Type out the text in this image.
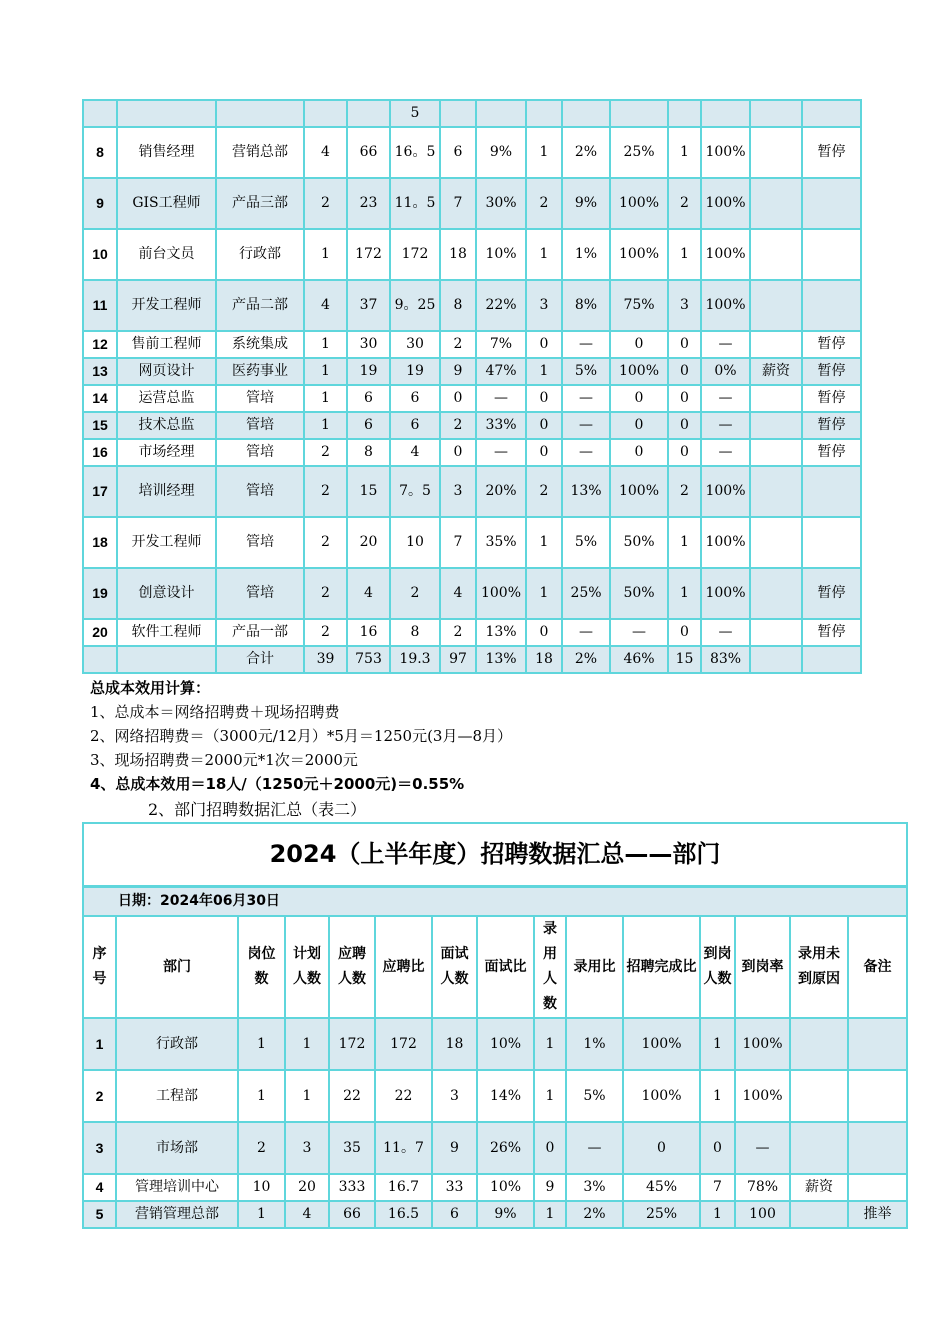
					5									
8	销售经理	营销总部	4	66	16。5	6	9%	1	2%	25%	1	100%		暂停
9	GIS工程师	产品三部	2	23	11。5	7	30%	2	9%	100%	2	100%		
10	前台文员	行政部	1	172	172	18	10%	1	1%	100%	1	100%		
11	开发工程师	产品二部	4	37	9。25	8	22%	3	8%	75%	3	100%		
12	售前工程师	系统集成	1	30	30	2	7%	0	—	0	0	—		暂停
13	网页设计	医药事业	1	19	19	9	47%	1	5%	100%	0	0%	薪资	暂停
14	运营总监	管培	1	6	6	0	—	0	—	0	0	—		暂停
15	技术总监	管培	1	6	6	2	33%	0	—	0	0	—		暂停
16	市场经理	管培	2	8	4	0	—	0	—	0	0	—		暂停
17	培训经理	管培	2	15	7。5	3	20%	2	13%	100%	2	100%		
18	开发工程师	管培	2	20	10	7	35%	1	5%	50%	1	100%		
19	创意设计	管培	2	4	2	4	100%	1	25%	50%	1	100%		暂停
20	软件工程师	产品一部	2	16	8	2	13%	0	—	—	0	—		暂停
		合计	39	753	19.3	97	13%	18	2%	46%	15	83%		
总成本效用计算：
1、总成本＝网络招聘费＋现场招聘费
2、网络招聘费＝（3000元/12月）*5月＝1250元(3月—8月）
3、现场招聘费＝2000元*1次＝2000元
4、总成本效用＝18人/（1250元＋2000元)＝0.55%
2、部门招聘数据汇总（表二）
2024（上半年度）招聘数据汇总——部门														
日期：2024年06月30日														
序号	部门	岗位数	计划人数	应聘人数	应聘比	面试人数	面试比	录用人数	录用比	招聘完成比	到岗人数	到岗率	录用未到原因	备注
1	行政部	1	1	172	172	18	10%	1	1%	100%	1	100%		
2	工程部	1	1	22	22	3	14%	1	5%	100%	1	100%		
3	市场部	2	3	35	11。7	9	26%	0	—	0	0	—		
4	管理培训中心	10	20	333	16.7	33	10%	9	3%	45%	7	78%	薪资	
5	营销管理总部	1	4	66	16.5	6	9%	1	2%	25%	1	100		推举
